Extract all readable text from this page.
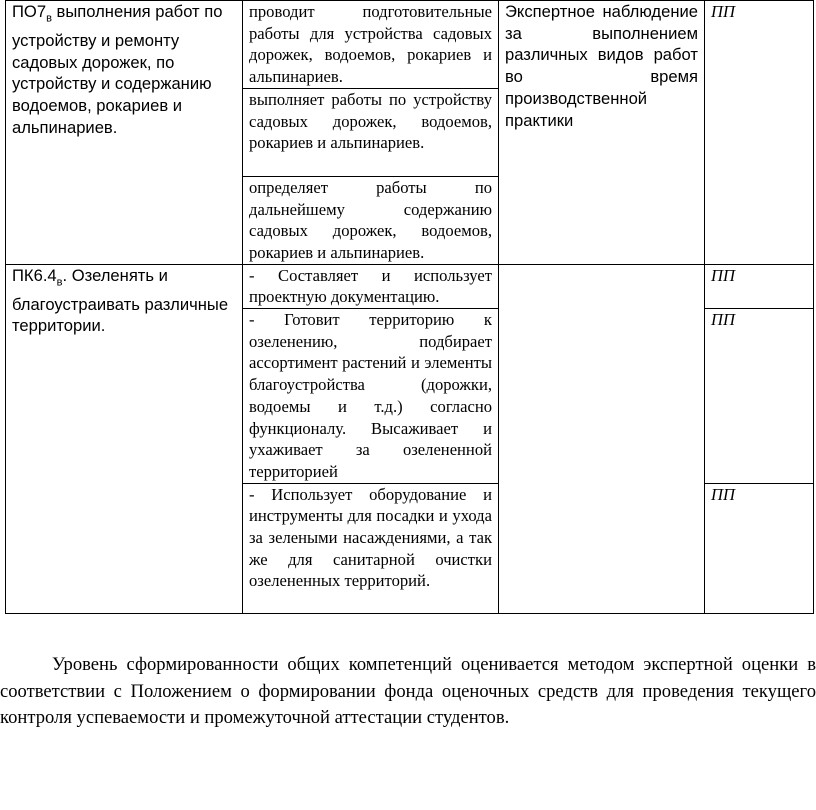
$ПО7_в$ выполнения работ по устройству и ремонту садовых дорожек, по устройству и содержанию водоемов, рокариев и альпинариев.	проводит подготовительные работы для устройства садовых дорожек, водоемов, рокариев и альпинариев.	Экспертное наблюдение за выполнением различных видов работ во время производственной практики	ПП
	выполняет работы по устройству садовых дорожек, водоемов, рокариев и альпинариев.		
	определяет работы по дальнейшему содержанию садовых дорожек, водоемов, рокариев и альпинариев.		
$ПК6.4_в$. Озеленять и благоустраивать различные территории.	- Составляет и использует проектную документацию.		ПП
	- Готовит территорию к озеленению, подбирает ассортимент растений и элементы благоустройства (дорожки, водоемы и т.д.) согласно функционалу. Высаживает и ухаживает за озелененной территорией		ПП
	- Использует оборудование и инструменты для посадки и ухода за зелеными насаждениями, а так же для санитарной очистки озелененных территорий.		ПП

Уровень сформированности общих компетенций оценивается методом экспертной оценки в соответствии с Положением о формировании фонда оценочных средств для проведения текущего контроля успеваемости и промежуточной аттестации студентов.
